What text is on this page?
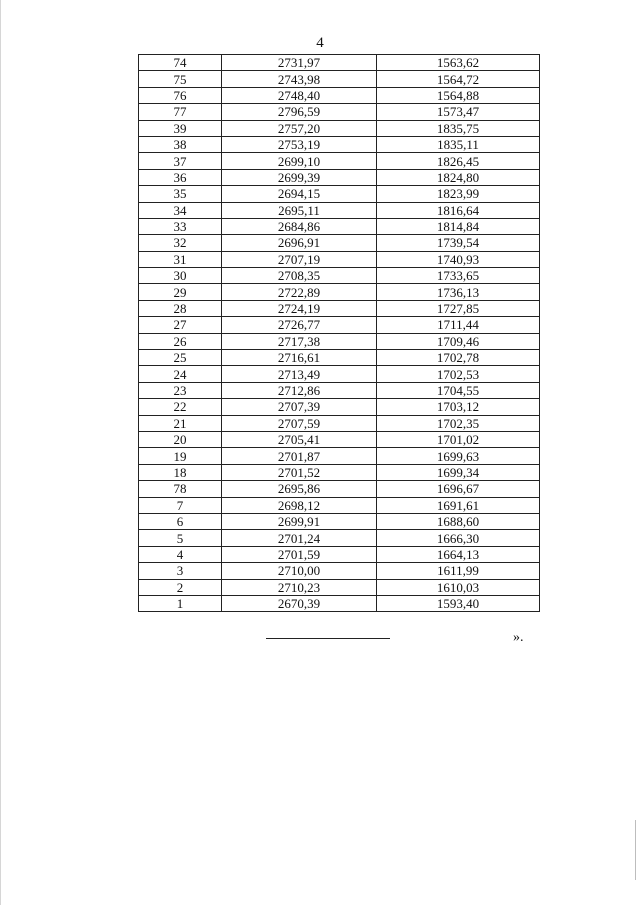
4
74	2731,97	1563,62
75	2743,98	1564,72
76	2748,40	1564,88
77	2796,59	1573,47
39	2757,20	1835,75
38	2753,19	1835,11
37	2699,10	1826,45
36	2699,39	1824,80
35	2694,15	1823,99
34	2695,11	1816,64
33	2684,86	1814,84
32	2696,91	1739,54
31	2707,19	1740,93
30	2708,35	1733,65
29	2722,89	1736,13
28	2724,19	1727,85
27	2726,77	1711,44
26	2717,38	1709,46
25	2716,61	1702,78
24	2713,49	1702,53
23	2712,86	1704,55
22	2707,39	1703,12
21	2707,59	1702,35
20	2705,41	1701,02
19	2701,87	1699,63
18	2701,52	1699,34
78	2695,86	1696,67
7	2698,12	1691,61
6	2699,91	1688,60
5	2701,24	1666,30
4	2701,59	1664,13
3	2710,00	1611,99
2	2710,23	1610,03
1	2670,39	1593,40
».
